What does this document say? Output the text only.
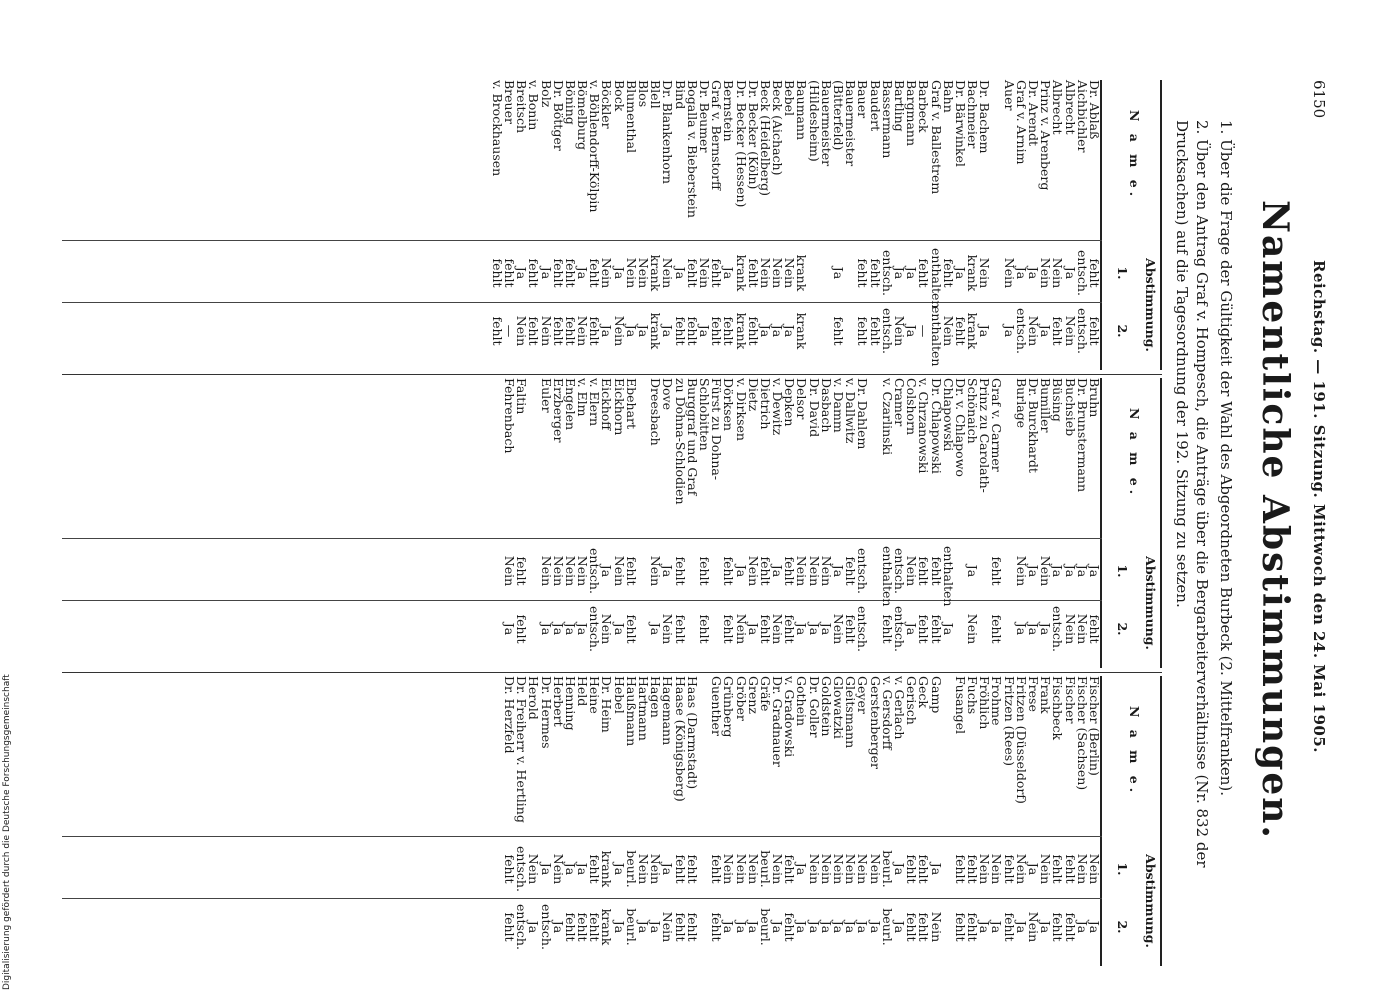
6150
Reichstag. — 191. Sitzung. Mittwoch den 24. Mai 1905.
Namentliche Abstimmungen.
1. Über die Frage der Gültigkeit der Wahl des Abgeordneten Burbeck (2. Mittelfranken).
2. Über den Antrag Graf v. Hompesch, die Anträge über die Bergarbeiterverhältnisse (Nr. 832 der Drucksachen) auf die Tagesordnung der 192. Sitzung zu setzen.
N a m e.
Abstimmung.
1.
2.
Dr. Ablaß
fehlt
fehlt
Aichbichler
entsch.
entsch.
Albrecht
Ja
Nein
Albrecht
Nein
fehlt
Prinz v. Arenberg
Nein
Ja
Dr. Arendt
Ja
Nein
Graf v. Arnim
Ja
entsch.
Auer
Nein
Ja
Dr. Bachem
Nein
Ja
Bachmeier
krank
krank
Dr. Bärwinkel
Ja
fehlt
Bahn
fehlt
Nein
Graf v. Ballestrem
enthalten
enthalten
Barbeck
fehlt
—
Bargmann
Ja
Ja
Bartling
Ja
Nein
Bassermann
entsch.
entsch.
Baudert
fehlt
fehlt
Bauer
fehlt
fehlt
Bauermeister
(Bitterfeld)
Ja
fehlt
Bauermeister
(Hildesheim)
Baumann
krank
krank
Bebel
Nein
Ja
Beck (Aichach)
Nein
Ja
Beck (Heidelberg)
Nein
Ja
Dr. Becker (Köln)
fehlt
fehlt
Dr. Becker (Hessen)
krank
krank
Bernstein
Ja
fehlt
Graf v. Bernstorff
fehlt
fehlt
Dr. Beumer
Nein
Ja
Bogalla v. Bieberstein
fehlt
fehlt
Bind
Ja
fehlt
Dr. Blankenhorn
Nein
Ja
Blell
krank
krank
Blos
Nein
Ja
Blumenthal
Nein
Ja
Bock
Ja
Nein
Böckler
Nein
Ja
v. Böhlendorff-Kölpin
fehlt
fehlt
Bömelburg
Ja
Nein
Böning
fehlt
fehlt
Dr. Böttger
fehlt
fehlt
Bolz
Ja
Nein
v. Bonin
fehlt
fehlt
Breitsch
Ja
Nein
Breuer
fehlt
—
v. Brockhausen
fehlt
fehlt
N a m e.
Abstimmung.
1.
2.
Bruhn
Ja
fehlt
Dr. Brunstermann
Ja
Nein
Buchsieb
Ja
Nein
Büsing
Ja
entsch.
Bumiller
Nein
Ja
Dr. Burckhardt
Ja
Ja
Burlage
Nein
Ja
Graf v. Carmer
fehlt
fehlt
Prinz zu Carolath-
Schönaich
Ja
Nein
Dr. v. Chlapowo
Chlapowski
enthalten
Ja
Dr. Chlapowski
fehlt
fehlt
v. Chrzanowski
fehlt
fehlt
Colshorn
Nein
Ja
Cramer
entsch.
entsch.
v. Czarlinski
enthalten
fehlt
Dr. Dahlem
entsch.
entsch.
v. Dallwitz
fehlt
fehlt
v. Damm
Ja
Nein
Dasbach
Nein
Ja
Dr. David
Nein
Ja
Delsor
Nein
Ja
Depken
fehlt
fehlt
v. Dewitz
Ja
Nein
Dietrich
fehlt
fehlt
Dietz
Nein
Ja
v. Dirksen
Ja
Nein
Dörksen
fehlt
fehlt
Fürst zu Dohna-
Schlobitten
fehlt
fehlt
Burggraf und Graf
zu Dohna-Schlodien
fehlt
fehlt
Dove
Ja
Nein
Dreesbach
Nein
Ja
Ebehart
fehlt
fehlt
Eickhorn
Nein
Ja
Eickhoff
Ja
Nein
v. Elern
entsch.
entsch.
v. Elm
Nein
Ja
Engelen
Nein
Ja
Erzberger
Nein
Ja
Euler
Nein
Ja
Faltin
fehlt
fehlt
Fehrenbach
Nein
Ja
N a m e.
Abstimmung.
1.
2.
Fischer (Berlin)
Nein
Ja
Fischer (Sachsen)
Nein
Ja
Fischer
fehlt
fehlt
Fischbeck
fehlt
fehlt
Frank
Nein
Ja
Frese
Ja
Nein
Fritzen (Düsseldorf)
Nein
Ja
Fritzen (Rees)
fehlt
fehlt
Frohme
Nein
Ja
Fröhlich
Nein
Ja
Fuchs
fehlt
fehlt
Fusangel
fehlt
fehlt
Gamp
Ja
Nein
Geck
fehlt
fehlt
Gerisch
fehlt
fehlt
v. Gerlach
Ja
Ja
v. Gersdorff
beurl.
beurl.
Gerstenberger
Nein
Ja
Geyer
Nein
Ja
Gleitsmann
Nein
Ja
Glowatzki
Nein
Ja
Goldstein
Nein
Ja
Dr. Goller
Nein
Ja
Gothein
Ja
Ja
v. Gradowski
fehlt
fehlt
Dr. Gradnauer
Nein
Ja
Gräfe
beurl.
beurl.
Grenz
Nein
Ja
Gröber
Nein
Ja
Grünberg
Nein
Ja
Guenther
fehlt
fehlt
Haas (Darmstadt)
fehlt
fehlt
Haase (Königsberg)
fehlt
fehlt
Hagemann
Ja
Nein
Hagen
Nein
Ja
Hartmann
Nein
Ja
Haußmann
beurl.
beurl.
Hebel
Ja
Ja
Dr. Heim
krank
krank
Heine
fehlt
fehlt
Held
Ja
fehlt
Henning
Ja
fehlt
Herbert
Nein
Ja
Dr. Hermes
Ja
entsch.
Herold
Nein
Ja
Dr. Freiherr v. Hertling
entsch.
entsch.
Dr. Herzfeld
fehlt
fehlt
Digitalisierung gefördert durch die Deutsche Forschungsgemeinschaft
